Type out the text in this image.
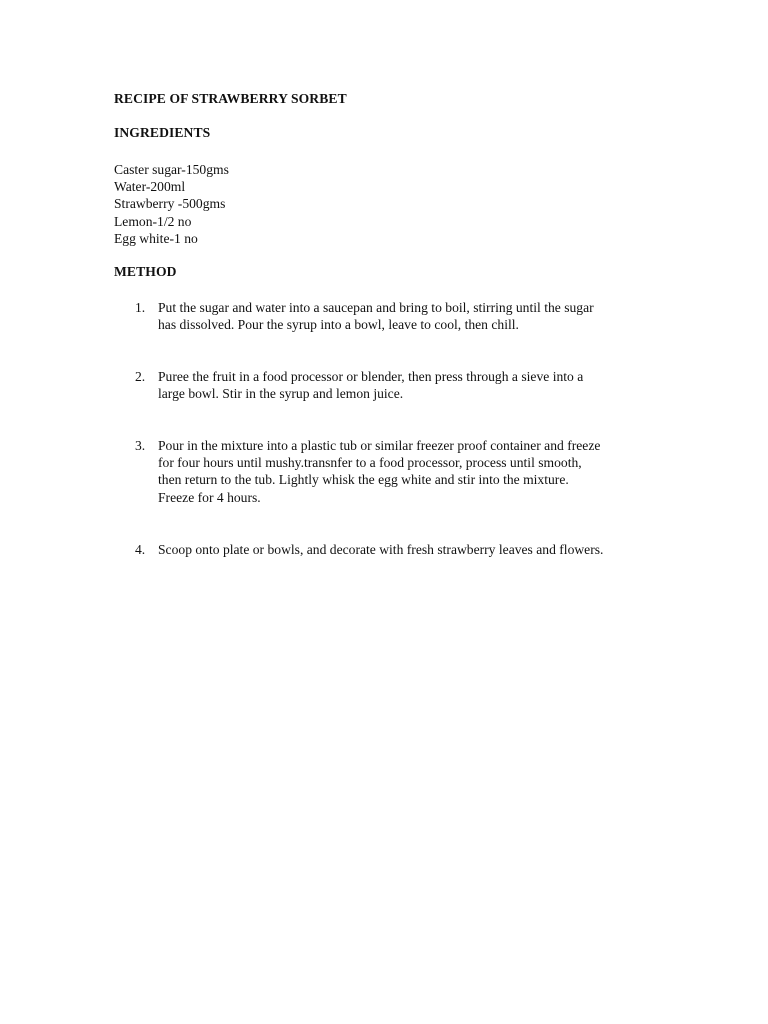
RECIPE OF STRAWBERRY SORBET
INGREDIENTS
Caster sugar-150gms
Water-200ml
Strawberry -500gms
Lemon-1/2 no
Egg white-1 no
METHOD
1. Put the sugar and water into a saucepan and bring to boil, stirring until the sugar
has dissolved. Pour the syrup into a bowl, leave to cool, then chill.
2. Puree the fruit in a food processor or blender, then press through a sieve into a
large bowl. Stir in the syrup and lemon juice.
3. Pour in the mixture into a plastic tub or similar freezer proof container and freeze
for four hours until mushy.transnfer to a food processor, process until smooth,
then return to the tub. Lightly whisk the egg white and stir into the mixture.
Freeze for 4 hours.
4. Scoop onto plate or bowls, and decorate with fresh strawberry leaves and flowers.
